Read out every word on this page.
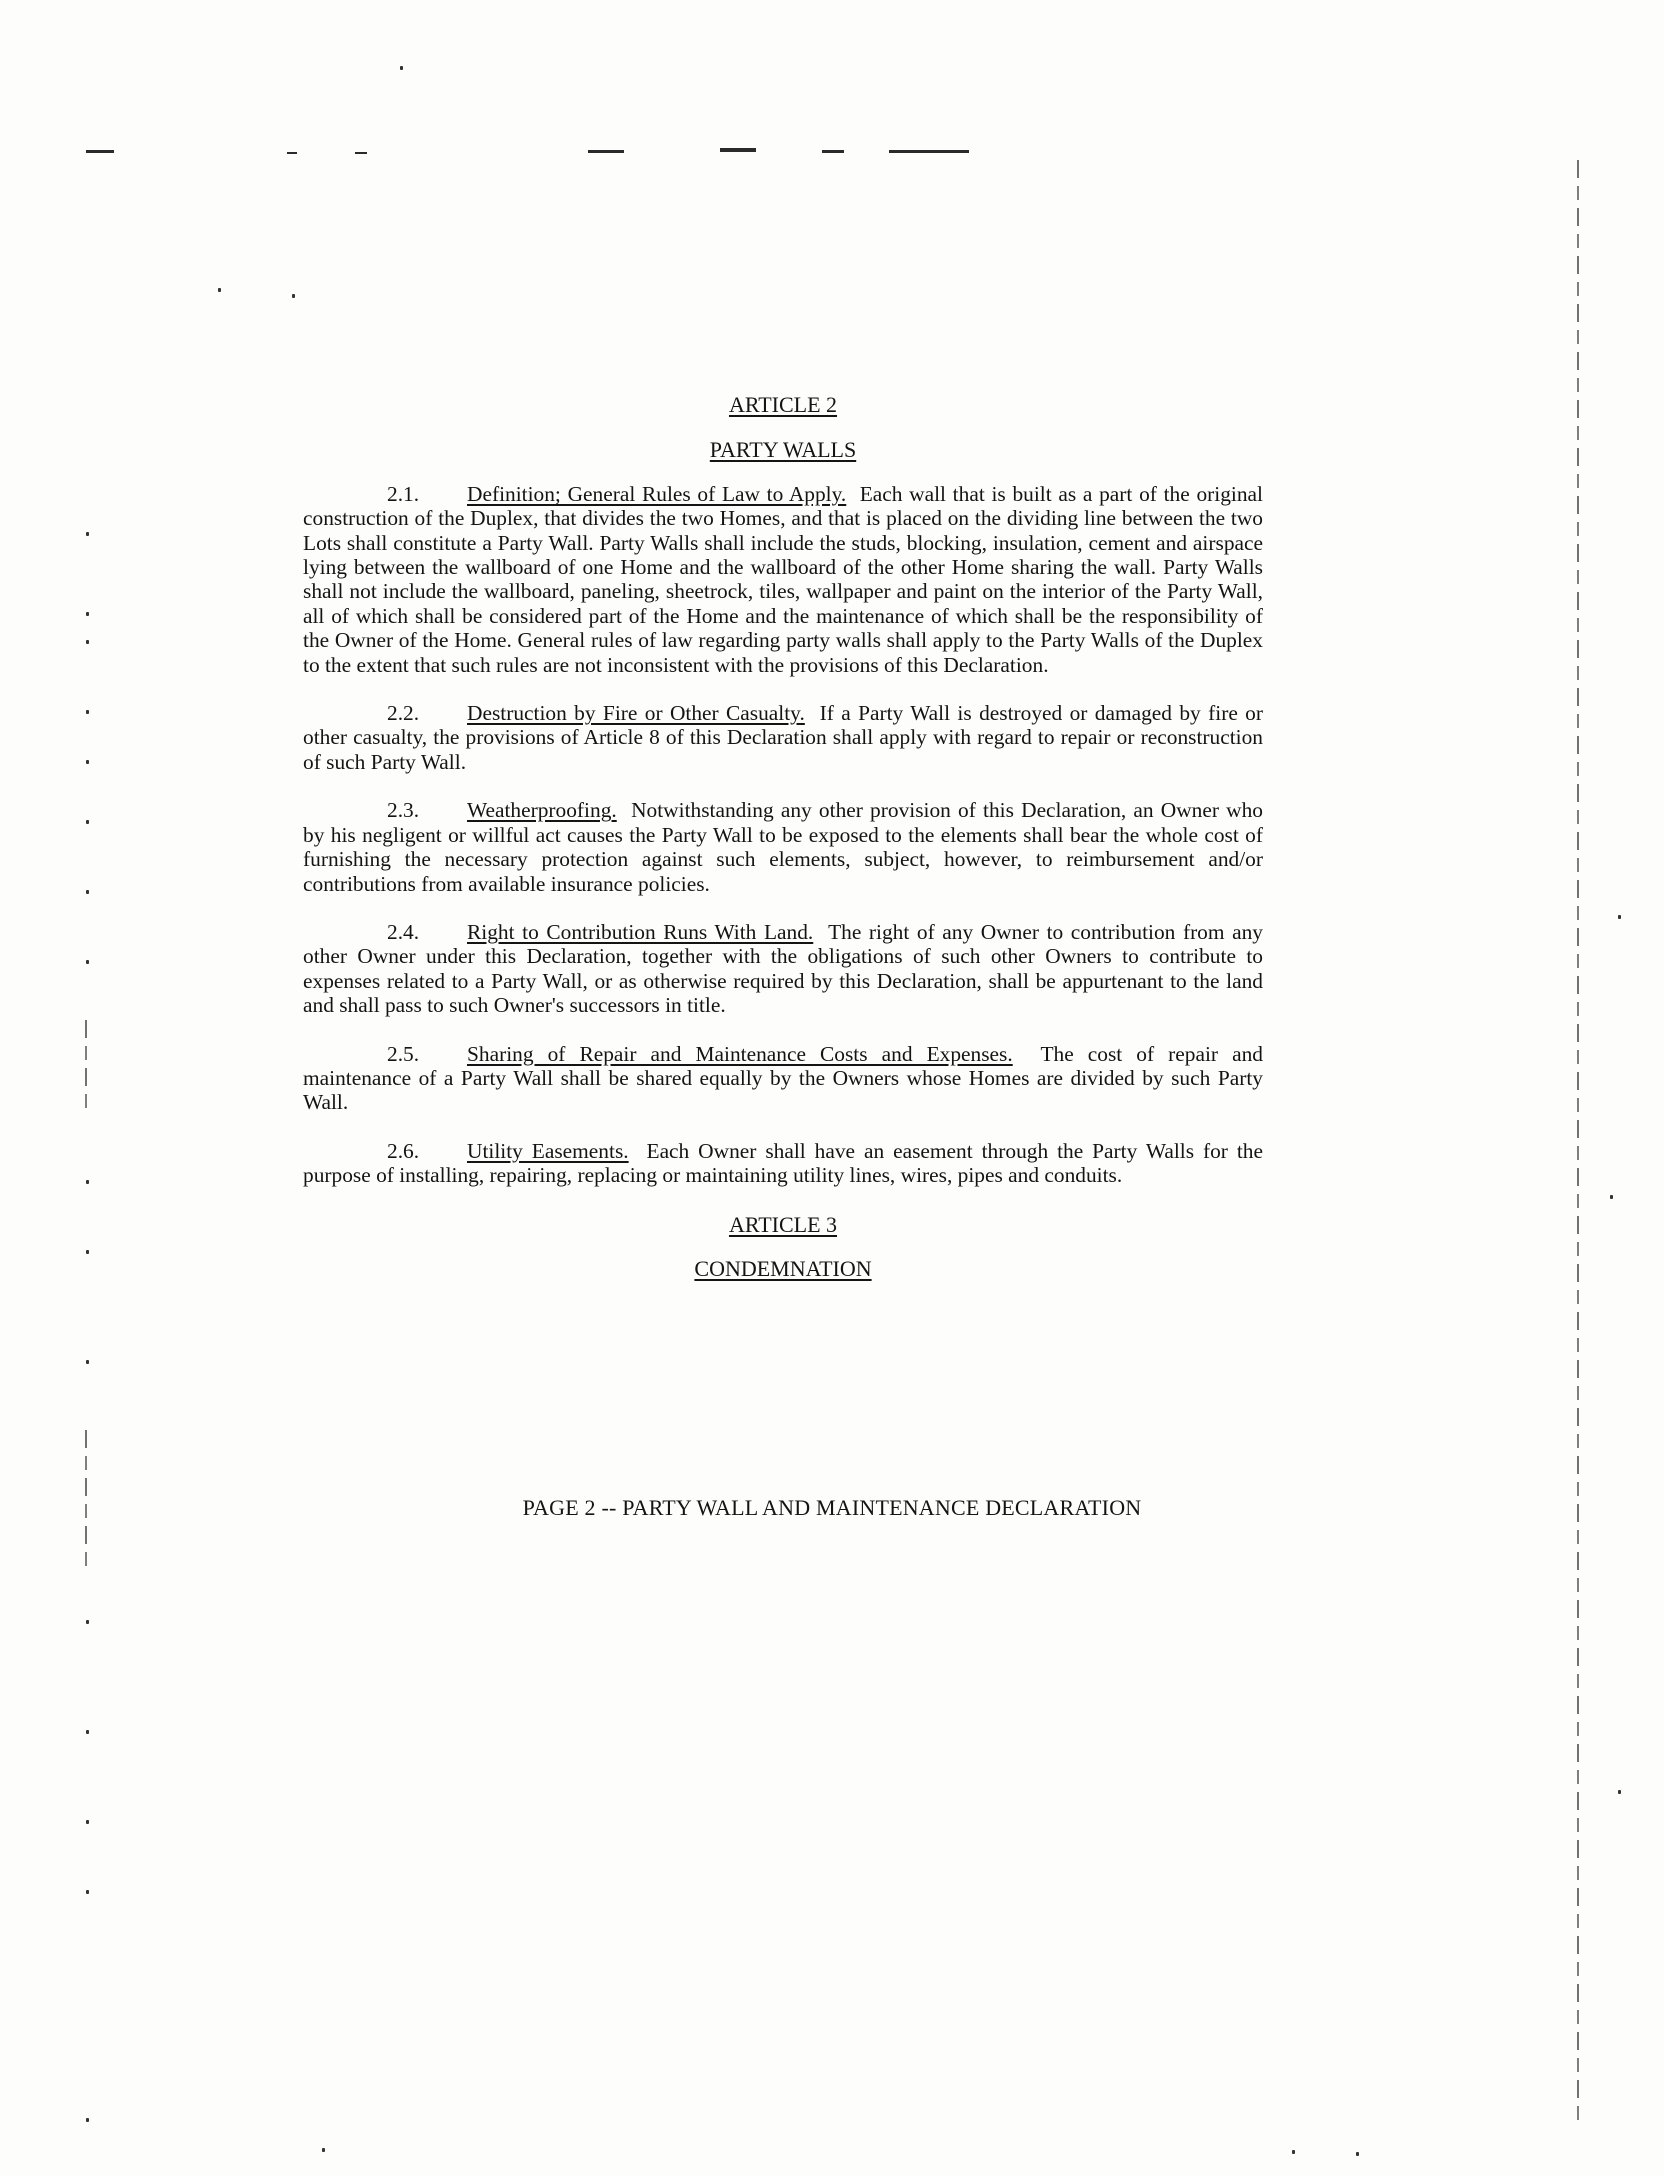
ARTICLE 2

PARTY WALLS

2.1. Definition; General Rules of Law to Apply. Each wall that is built as a part of the original construction of the Duplex, that divides the two Homes, and that is placed on the dividing line between the two Lots shall constitute a Party Wall. Party Walls shall include the studs, blocking, insulation, cement and airspace lying between the wallboard of one Home and the wallboard of the other Home sharing the wall. Party Walls shall not include the wallboard, paneling, sheetrock, tiles, wallpaper and paint on the interior of the Party Wall, all of which shall be considered part of the Home and the maintenance of which shall be the responsibility of the Owner of the Home. General rules of law regarding party walls shall apply to the Party Walls of the Duplex to the extent that such rules are not inconsistent with the provisions of this Declaration.

2.2. Destruction by Fire or Other Casualty. If a Party Wall is destroyed or damaged by fire or other casualty, the provisions of Article 8 of this Declaration shall apply with regard to repair or reconstruction of such Party Wall.

2.3. Weatherproofing. Notwithstanding any other provision of this Declaration, an Owner who by his negligent or willful act causes the Party Wall to be exposed to the elements shall bear the whole cost of furnishing the necessary protection against such elements, subject, however, to reimbursement and/or contributions from available insurance policies.

2.4. Right to Contribution Runs With Land. The right of any Owner to contribution from any other Owner under this Declaration, together with the obligations of such other Owners to contribute to expenses related to a Party Wall, or as otherwise required by this Declaration, shall be appurtenant to the land and shall pass to such Owner's successors in title.

2.5. Sharing of Repair and Maintenance Costs and Expenses. The cost of repair and maintenance of a Party Wall shall be shared equally by the Owners whose Homes are divided by such Party Wall.

2.6. Utility Easements. Each Owner shall have an easement through the Party Walls for the purpose of installing, repairing, replacing or maintaining utility lines, wires, pipes and conduits.

ARTICLE 3

CONDEMNATION

PAGE 2 -- PARTY WALL AND MAINTENANCE DECLARATION
